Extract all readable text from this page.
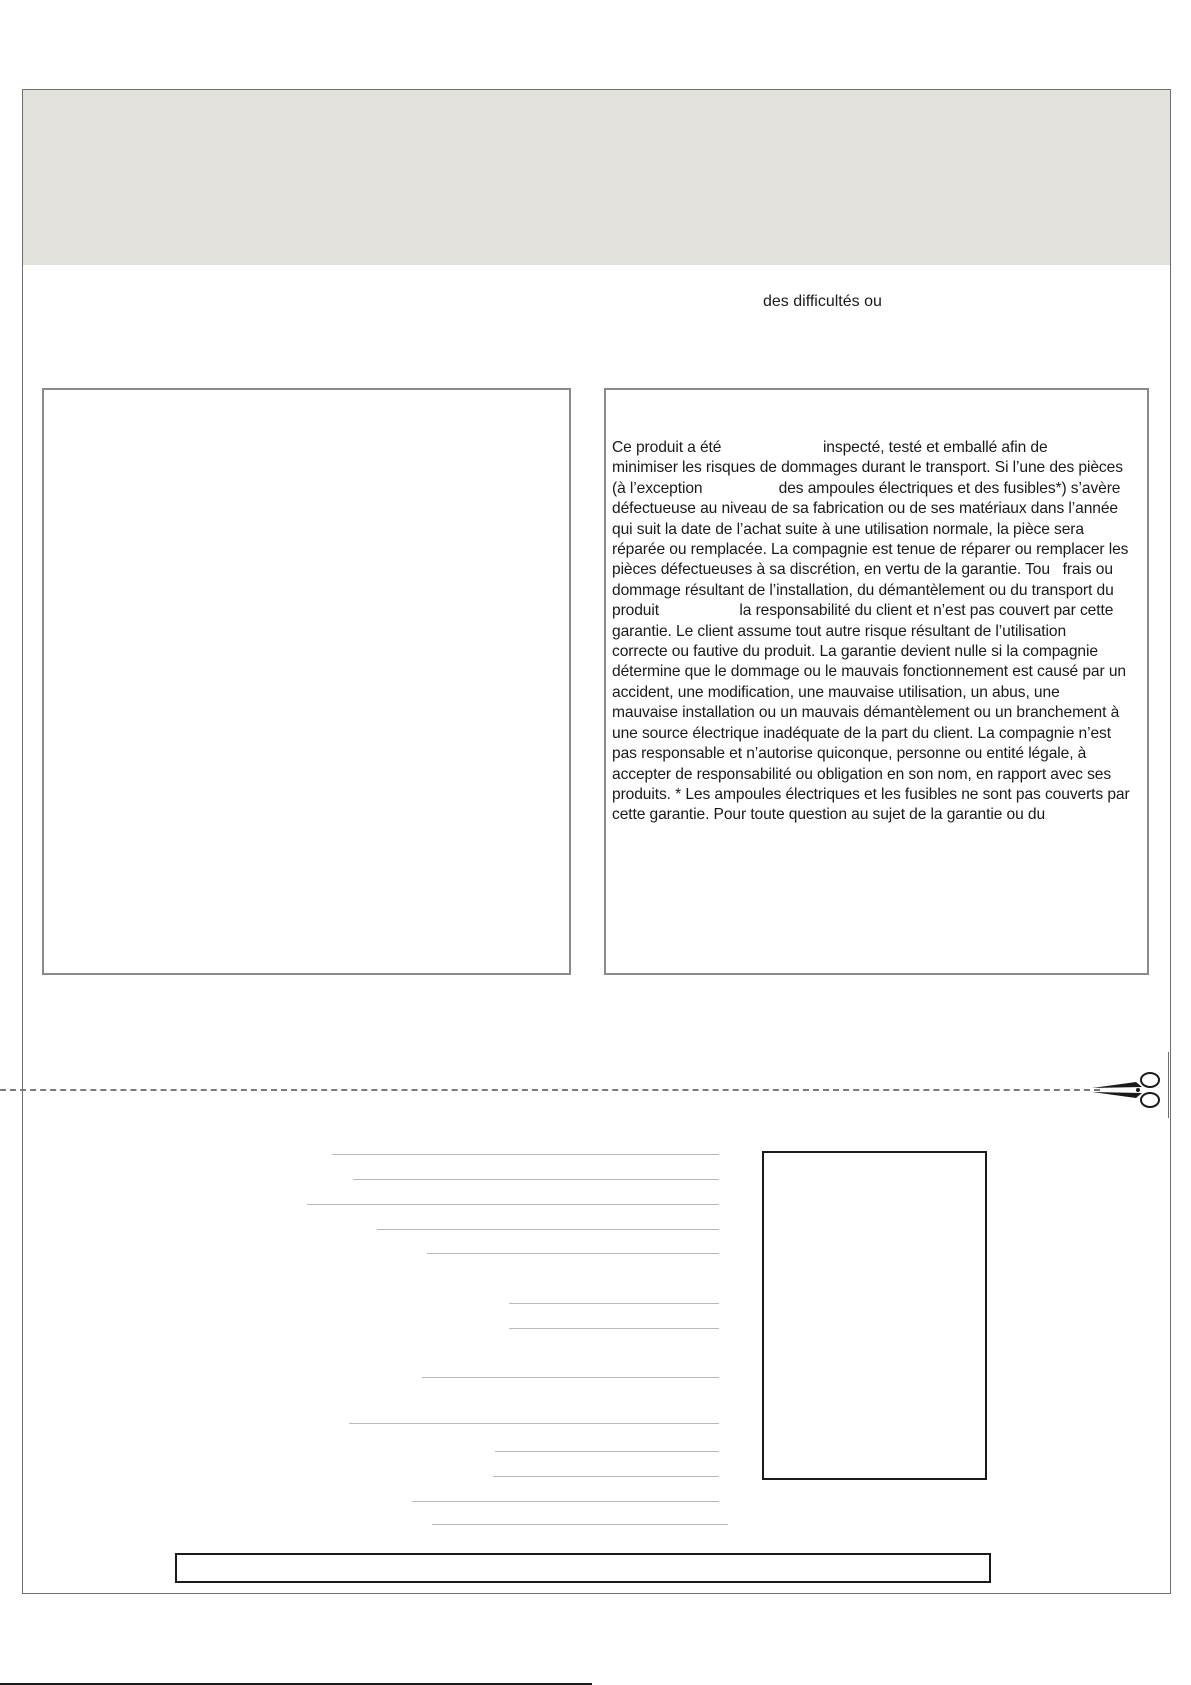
des difficultés ou

Ce produit a été                        inspecté, testé et emballé afin de
minimiser les risques de dommages durant le transport. Si l’une des pièces
(à l’exception                  des ampoules électriques et des fusibles*) s’avère
défectueuse au niveau de sa fabrication ou de ses matériaux dans l’année
qui suit la date de l’achat suite à une utilisation normale, la pièce sera
réparée ou remplacée. La compagnie est tenue de réparer ou remplacer les
pièces défectueuses à sa discrétion, en vertu de la garantie. Tou   frais ou
dommage résultant de l’installation, du démantèlement ou du transport du
produit                   la responsabilité du client et n’est pas couvert par cette
garantie. Le client assume tout autre risque résultant de l’utilisation
correcte ou fautive du produit. La garantie devient nulle si la compagnie
détermine que le dommage ou le mauvais fonctionnement est causé par un
accident, une modification, une mauvaise utilisation, un abus, une
mauvaise installation ou un mauvais démantèlement ou un branchement à
une source électrique inadéquate de la part du client. La compagnie n’est
pas responsable et n’autorise quiconque, personne ou entité légale, à
accepter de responsabilité ou obligation en son nom, en rapport avec ses
produits. * Les ampoules électriques et les fusibles ne sont pas couverts par
cette garantie. Pour toute question au sujet de la garantie ou du
